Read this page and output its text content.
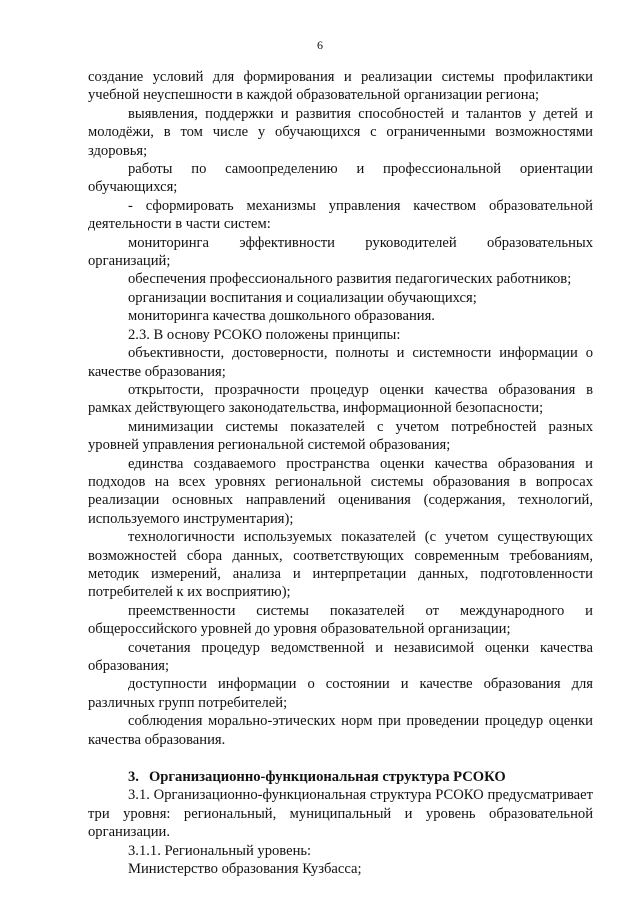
6

создание условий для формирования и реализации системы профилактики учебной неуспешности в каждой образовательной организации региона;

выявления, поддержки и развития способностей и талантов у детей и молодёжи, в том числе у обучающихся с ограниченными возможностями здоровья;

работы по самоопределению и профессиональной ориентации обучающихся;

- сформировать механизмы управления качеством образовательной деятельности в части систем:

мониторинга эффективности руководителей образовательных организаций;

обеспечения профессионального развития педагогических работников;

организации воспитания и социализации обучающихся;

мониторинга качества дошкольного образования.

2.3. В основу РСОКО положены принципы:

объективности, достоверности, полноты и системности информации о качестве образования;

открытости, прозрачности процедур оценки качества образования в рамках действующего законодательства, информационной безопасности;

минимизации системы показателей с учетом потребностей разных уровней управления региональной системой образования;

единства создаваемого пространства оценки качества образования и подходов на всех уровнях региональной системы образования в вопросах реализации основных направлений оценивания (содержания, технологий, используемого инструментария);

технологичности используемых показателей (с учетом существующих возможностей сбора данных, соответствующих современным требованиям, методик измерений, анализа и интерпретации данных, подготовленности потребителей к их восприятию);

преемственности системы показателей от международного и общероссийского уровней до уровня образовательной организации;

сочетания процедур ведомственной и независимой оценки качества образования;

доступности информации о состоянии и качестве образования для различных групп потребителей;

соблюдения морально-этических норм при проведении процедур оценки качества образования.

3. Организационно-функциональная структура РСОКО

3.1. Организационно-функциональная структура РСОКО предусматривает три уровня: региональный, муниципальный и уровень образовательной организации.

3.1.1. Региональный уровень:

Министерство образования Кузбасса;
